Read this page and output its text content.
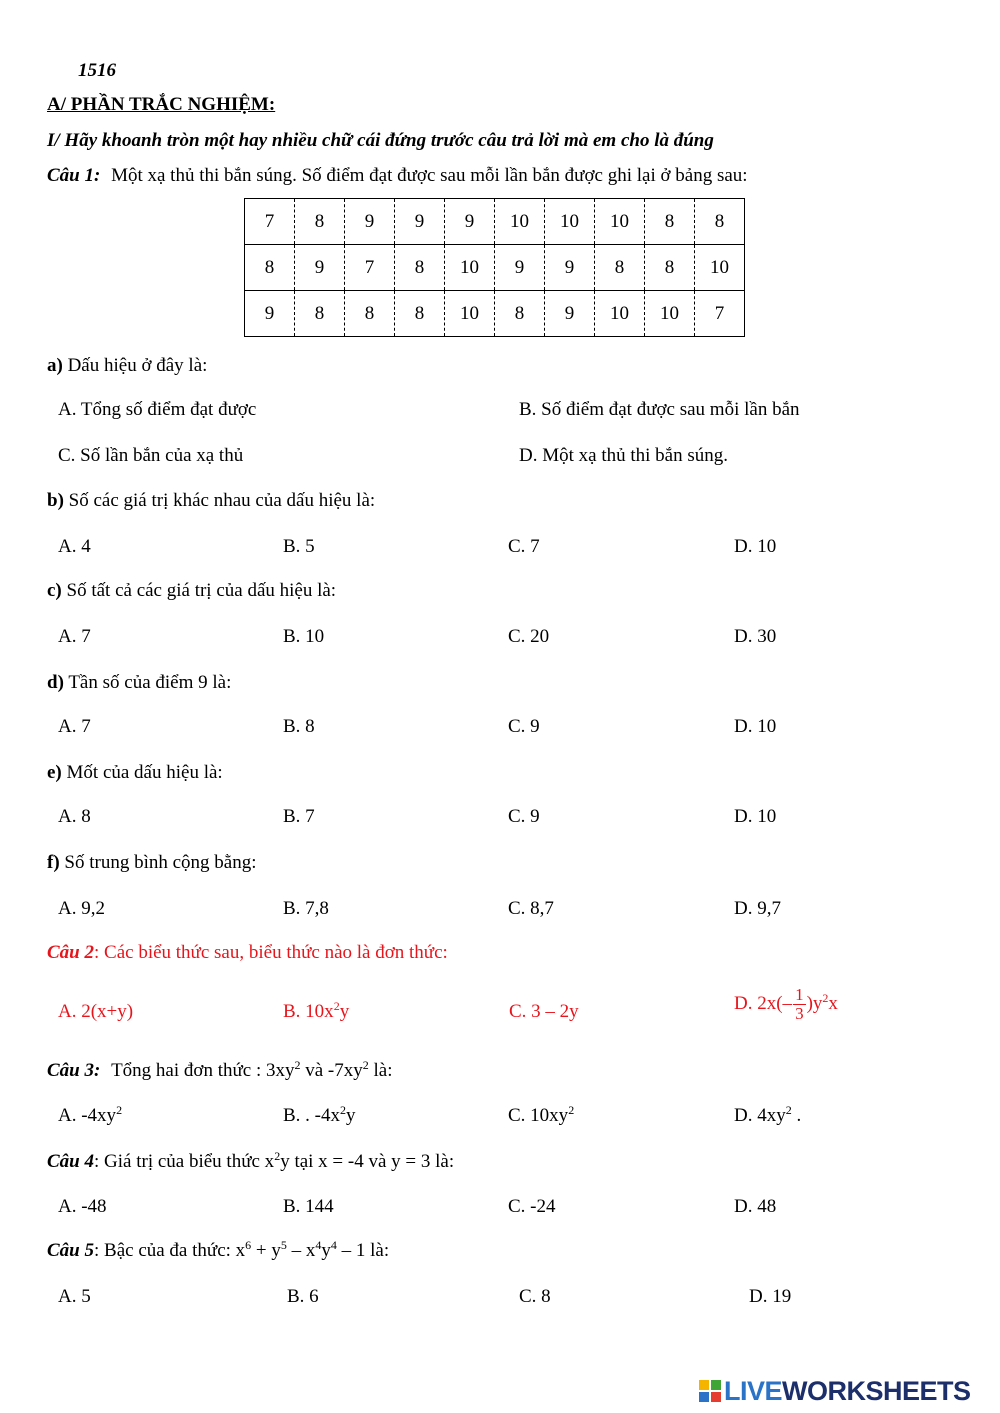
1516
A/ PHẦN TRẮC NGHIỆM:
I/ Hãy khoanh tròn một hay nhiều chữ cái đứng trước câu trả lời mà em cho là đúng
Câu 1: Một xạ thủ thi bắn súng. Số điểm đạt được sau mỗi lần bắn được ghi lại ở bảng sau:
7	8	9	9	9	10	10	10	8	8
8	9	7	8	10	9	9	8	8	10
9	8	8	8	10	8	9	10	10	7
a) Dấu hiệu ở đây là:
A. Tổng số điểm đạt được	B. Số điểm đạt được sau mỗi lần bắn
C. Số lần bắn của xạ thủ	D. Một xạ thủ thi bắn súng.
b) Số các giá trị khác nhau của dấu hiệu là:
A. 4	B. 5	C. 7	D. 10
c) Số tất cả các giá trị của dấu hiệu là:
A. 7	B. 10	C. 20	D. 30
d) Tần số của điểm 9 là:
A. 7	B. 8	C. 9	D. 10
e) Mốt của dấu hiệu là:
A. 8	B. 7	C. 9	D. 10
f) Số trung bình cộng bằng:
A. 9,2	B. 7,8	C. 8,7	D. 9,7
Câu 2: Các biểu thức sau, biểu thức nào là đơn thức:
A. 2(x+y)	B. $10x^2y$	C. 3 – 2y	D. $2x(- \frac{1}{3} )y^2x$
Câu 3: Tổng hai đơn thức : $3xy^2$ và $-7xy^2$ là:
A. $-4xy^2$	B. . $-4x^2y$	C. $10xy^2$	D. $4xy^2$ .
Câu 4: Giá trị của biểu thức $x^2y$ tại x = -4 và y = 3 là:
A. -48	B. 144	C. -24	D. 48
Câu 5: Bậc của đa thức: $x^6 + y^5 - x^4y^4 - 1$ là:
A. 5	B. 6	C. 8	D. 19
LIVEWORKSHEETS
